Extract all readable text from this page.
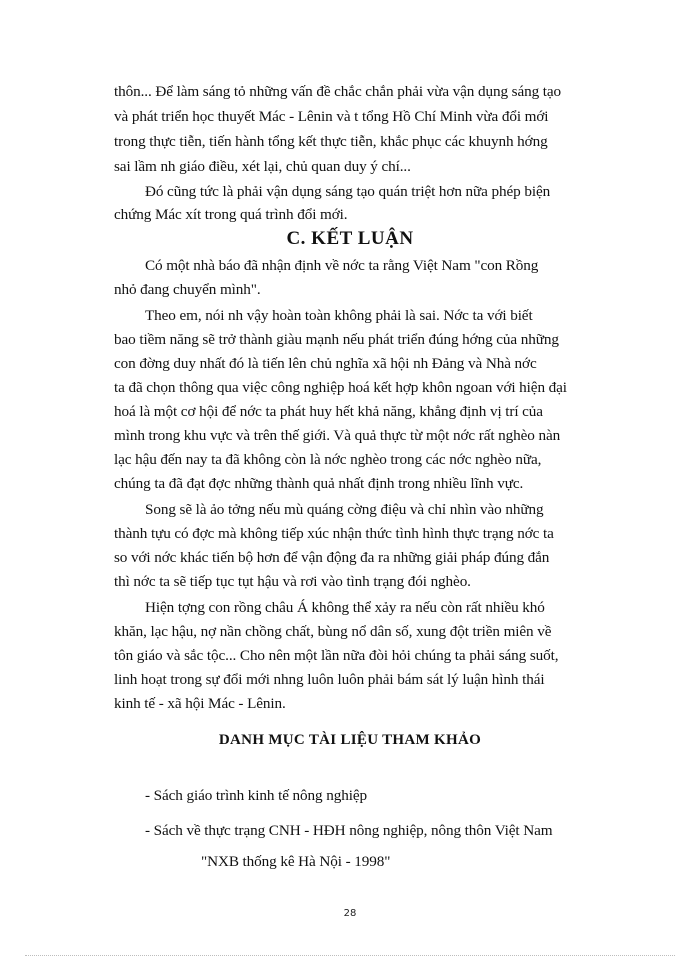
thôn... Để làm sáng tỏ những vấn đề chắc chắn phải vừa vận dụng sáng tạo
và phát triển học thuyết Mác - Lênin và t tổng Hồ Chí Minh vừa đổi mới
trong thực tiễn, tiến hành tổng kết thực tiễn, khắc phục các khuynh hớng
sai lầm nh giáo điều, xét lại, chủ quan duy ý chí...
Đó cũng tức là phải vận dụng sáng tạo quán triệt hơn nữa phép biện
chứng Mác xít trong quá trình đổi mới.
C. KẾT LUẬN
Có một nhà báo đã nhận định về nớc ta rằng Việt Nam "con Rồng
nhỏ đang chuyển mình".
Theo em, nói nh vậy hoàn toàn không phải là sai. Nớc ta với biết
bao tiềm năng sẽ trở thành giàu mạnh nếu phát triển đúng hớng của những
con đờng duy nhất đó là tiến lên chủ nghĩa xã hội nh Đảng và Nhà nớc
ta đã chọn thông qua việc công nghiệp hoá kết hợp khôn ngoan với hiện đại
hoá là một cơ hội để nớc ta phát huy hết khả năng, khẳng định vị trí của
mình trong khu vực và trên thế giới. Và quả thực từ một nớc rất nghèo nàn
lạc hậu đến nay ta đã không còn là nớc nghèo trong các nớc nghèo nữa,
chúng ta đã đạt đợc những thành quả nhất định trong nhiều lĩnh vực.
Song sẽ là ảo tởng nếu mù quáng cờng điệu và chỉ nhìn vào những
thành tựu có đợc mà không tiếp xúc nhận thức tình hình thực trạng nớc ta
so với nớc khác tiến bộ hơn để vận động đa ra những giải pháp đúng đắn
thì nớc ta sẽ tiếp tục tụt hậu và rơi vào tình trạng đói nghèo.
Hiện tợng con rồng châu Á không thể xảy ra nếu còn rất nhiều khó
khăn, lạc hậu, nợ nần chồng chất, bùng nổ dân số, xung đột triền miên về
tôn giáo và sắc tộc... Cho nên một lần nữa đòi hỏi chúng ta phải sáng suốt,
linh hoạt trong sự đổi mới nhng luôn luôn phải bám sát lý luận hình thái
kinh tế - xã hội Mác - Lênin.
DANH MỤC TÀI LIỆU THAM KHẢO
- Sách giáo trình kinh tế nông nghiệp
- Sách về thực trạng CNH - HĐH nông nghiệp, nông thôn Việt Nam
"NXB thống kê Hà Nội - 1998"
28
